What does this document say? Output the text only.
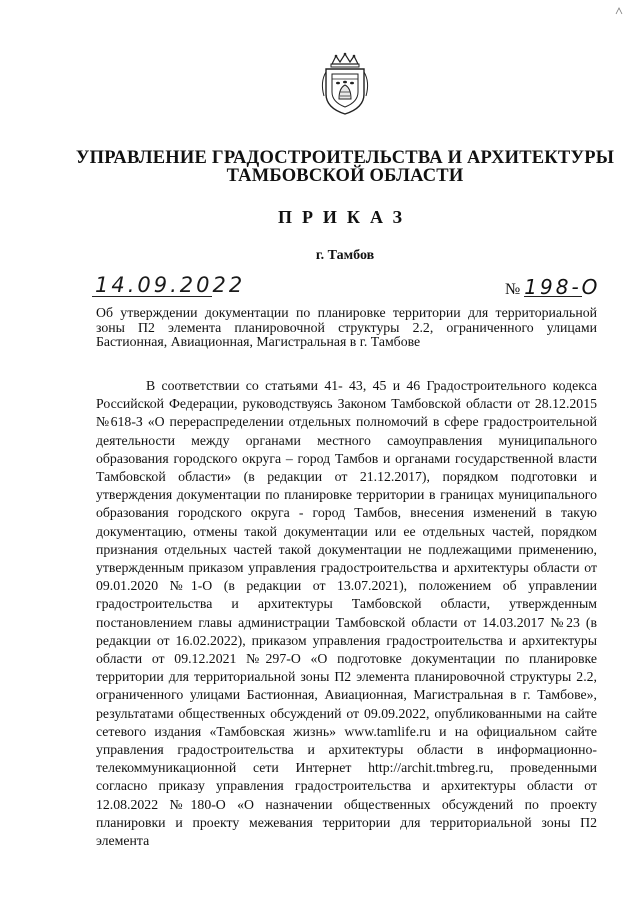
УПРАВЛЕНИЕ ГРАДОСТРОИТЕЛЬСТВА И АРХИТЕКТУРЫ
ТАМБОВСКОЙ ОБЛАСТИ
ПРИКАЗ
г. Тамбов
14.09.2022	№ 198-О
Об утверждении документации по планировке территории для территориальной зоны П2 элемента планировочной структуры 2.2, ограниченного улицами Бастионная, Авиационная, Магистральная в г. Тамбове
В соответствии со статьями 41- 43, 45 и 46 Градостроительного кодекса Российской Федерации, руководствуясь Законом Тамбовской области от 28.12.2015 №618-З «О перераспределении отдельных полномочий в сфере градостроительной деятельности между органами местного самоуправления муниципального образования городского округа – город Тамбов и органами государственной власти Тамбовской области» (в редакции от 21.12.2017), порядком подготовки и утверждения документации по планировке территории в границах муниципального образования городского округа - город Тамбов, внесения изменений в такую документацию, отмены такой документации или ее отдельных частей, порядком признания отдельных частей такой документации не подлежащими применению, утвержденным приказом управления градостроительства и архитектуры области от 09.01.2020 №1-О (в редакции от 13.07.2021), положением об управлении градостроительства и архитектуры Тамбовской области, утвержденным постановлением главы администрации Тамбовской области от 14.03.2017 №23 (в редакции от 16.02.2022), приказом управления градостроительства и архитектуры области от 09.12.2021 №297-О «О подготовке документации по планировке территории для территориальной зоны П2 элемента планировочной структуры 2.2, ограниченного улицами Бастионная, Авиационная, Магистральная в г. Тамбове», результатами общественных обсуждений от 09.09.2022, опубликованными на сайте сетевого издания «Тамбовская жизнь» www.tamlife.ru и на официальном сайте управления градостроительства и архитектуры области в информационно-телекоммуникационной сети Интернет http://archit.tmbreg.ru, проведенными согласно приказу управления градостроительства и архитектуры области от 12.08.2022 №180-О «О назначении общественных обсуждений по проекту планировки и проекту межевания территории для территориальной зоны П2 элемента
